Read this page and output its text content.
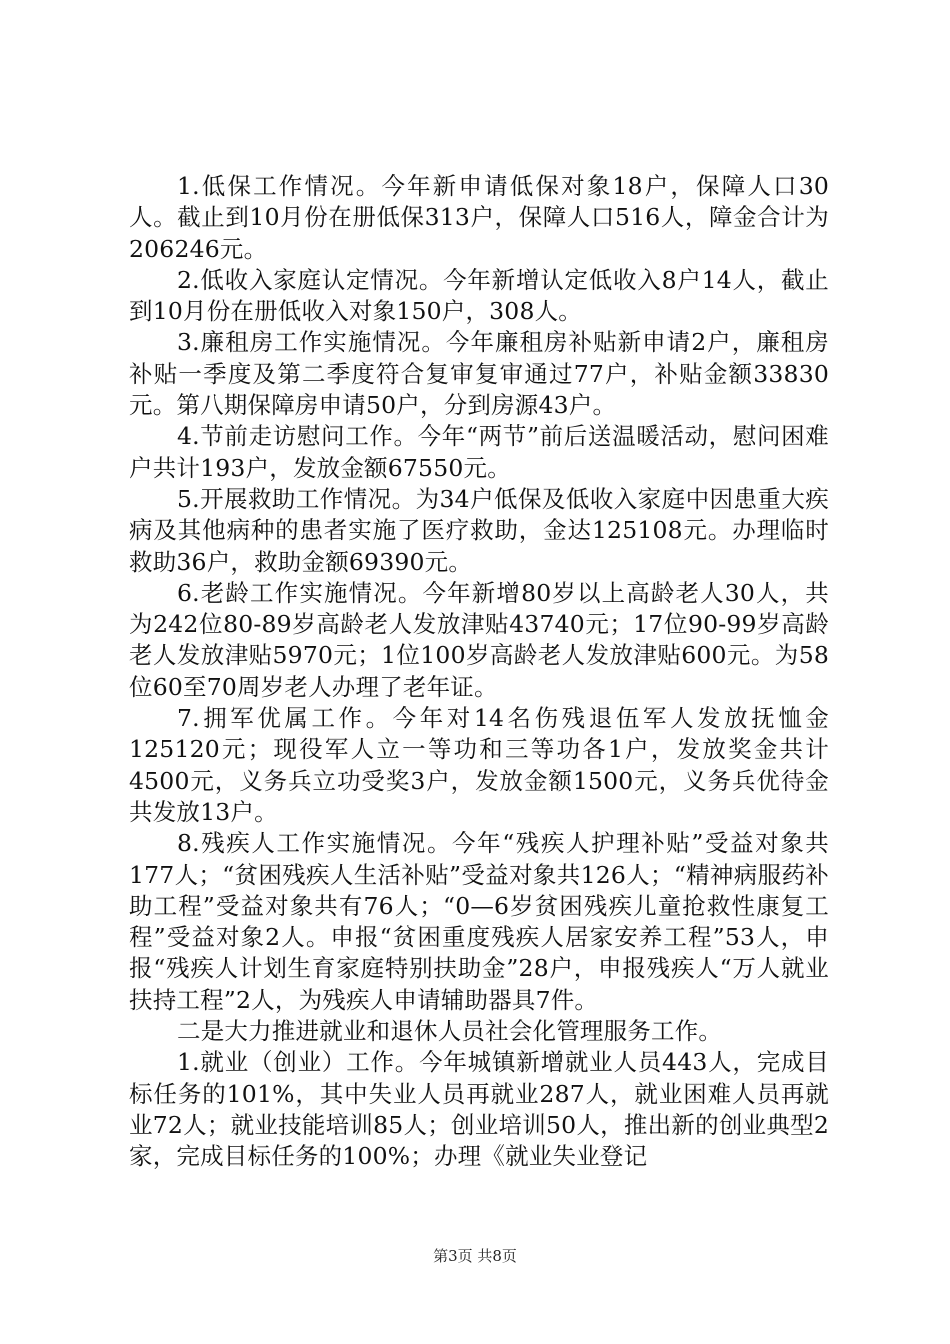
1.低保工作情况。今年新申请低保对象18户，保障人口30人。截止到10月份在册低保313户，保障人口516人，障金合计为206246元。

2.低收入家庭认定情况。今年新增认定低收入8户14人，截止到10月份在册低收入对象150户，308人。

3.廉租房工作实施情况。今年廉租房补贴新申请2户，廉租房补贴一季度及第二季度符合复审复审通过77户，补贴金额33830元。第八期保障房申请50户，分到房源43户。

4.节前走访慰问工作。今年“两节”前后送温暖活动，慰问困难户共计193户，发放金额67550元。

5.开展救助工作情况。为34户低保及低收入家庭中因患重大疾病及其他病种的患者实施了医疗救助，金达125108元。办理临时救助36户，救助金额69390元。

6.老龄工作实施情况。今年新增80岁以上高龄老人30人，共为242位80-89岁高龄老人发放津贴43740元；17位90-99岁高龄老人发放津贴5970元；1位100岁高龄老人发放津贴600元。为58位60至70周岁老人办理了老年证。

7.拥军优属工作。今年对14名伤残退伍军人发放抚恤金125120元；现役军人立一等功和三等功各1户，发放奖金共计4500元，义务兵立功受奖3户，发放金额1500元，义务兵优待金共发放13户。

8.残疾人工作实施情况。今年“残疾人护理补贴”受益对象共177人；“贫困残疾人生活补贴”受益对象共126人；“精神病服药补助工程”受益对象共有76人；“0—6岁贫困残疾儿童抢救性康复工程”受益对象2人。申报“贫困重度残疾人居家安养工程”53人，申报“残疾人计划生育家庭特别扶助金”28户，申报残疾人“万人就业扶持工程”2人，为残疾人申请辅助器具7件。

二是大力推进就业和退休人员社会化管理服务工作。

1.就业（创业）工作。今年城镇新增就业人员443人，完成目标任务的101%，其中失业人员再就业287人，就业困难人员再就业72人；就业技能培训85人；创业培训50人，推出新的创业典型2家，完成目标任务的100%；办理《就业失业登记

第3页 共8页
